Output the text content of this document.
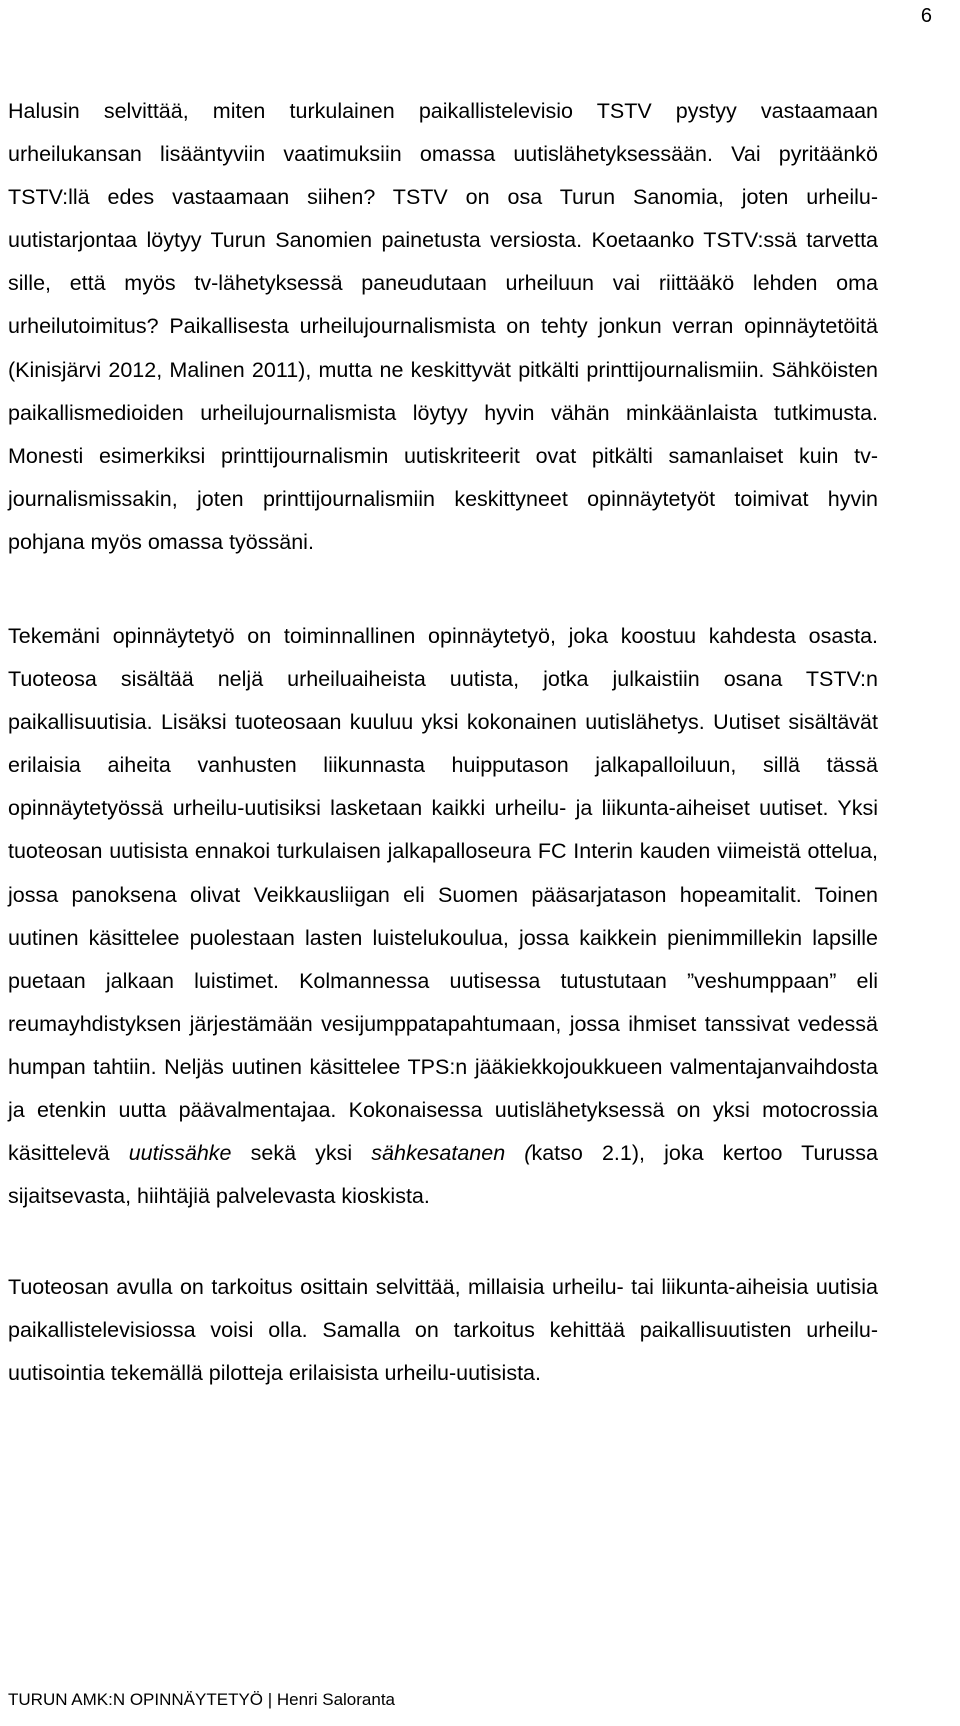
6

Halusin selvittää, miten turkulainen paikallistelevisio TSTV pystyy vastaamaan urheilukansan lisääntyviin vaatimuksiin omassa uutislähetyksessään. Vai pyritäänkö TSTV:llä edes vastaamaan siihen? TSTV on osa Turun Sanomia, joten urheilu-uutistarjontaa löytyy Turun Sanomien painetusta versiosta. Koetaanko TSTV:ssä tarvetta sille, että myös tv-lähetyksessä paneudutaan urheiluun vai riittääkö lehden oma urheilutoimitus? Paikallisesta urheilujournalismista on tehty jonkun verran opinnäytetöitä (Kinisjärvi 2012, Malinen 2011), mutta ne keskittyvät pitkälti printtijournalismiin. Sähköisten paikallismedioiden urheilujournalismista löytyy hyvin vähän minkäänlaista tutkimusta. Monesti esimerkiksi printtijournalismin uutiskriteerit ovat pitkälti samanlaiset kuin tv-journalismissakin, joten printtijournalismiin keskittyneet opinnäytetyöt toimivat hyvin pohjana myös omassa työssäni.

Tekemäni opinnäytetyö on toiminnallinen opinnäytetyö, joka koostuu kahdesta osasta. Tuoteosa sisältää neljä urheiluaiheista uutista, jotka julkaistiin osana TSTV:n paikallisuutisia. Lisäksi tuoteosaan kuuluu yksi kokonainen uutislähetys. Uutiset sisältävät erilaisia aiheita vanhusten liikunnasta huipputason jalkapalloiluun, sillä tässä opinnäytetyössä urheilu-uutisiksi lasketaan kaikki urheilu- ja liikunta-aiheiset uutiset. Yksi tuoteosan uutisista ennakoi turkulaisen jalkapalloseura FC Interin kauden viimeistä ottelua, jossa panoksena olivat Veikkausliigan eli Suomen pääsarjatason hopeamitalit. Toinen uutinen käsittelee puolestaan lasten luistelukoulua, jossa kaikkein pienimmillekin lapsille puetaan jalkaan luistimet. Kolmannessa uutisessa tutustutaan ”veshumppaan” eli reumayhdistyksen järjestämään vesijumppatapahtumaan, jossa ihmiset tanssivat vedessä humpan tahtiin. Neljäs uutinen käsittelee TPS:n jääkiekkojoukkueen valmentajanvaihdosta ja etenkin uutta päävalmentajaa. Kokonaisessa uutislähetyksessä on yksi motocrossia käsittelevä uutissähke sekä yksi sähkesatanen (katso 2.1), joka kertoo Turussa sijaitsevasta, hiihtäjiä palvelevasta kioskista.

Tuoteosan avulla on tarkoitus osittain selvittää, millaisia urheilu- tai liikunta-aiheisia uutisia paikallistelevisiossa voisi olla. Samalla on tarkoitus kehittää paikallisuutisten urheilu-uutisointia tekemällä pilotteja erilaisista urheilu-uutisista.

TURUN AMK:N OPINNÄYTETYÖ | Henri Saloranta
